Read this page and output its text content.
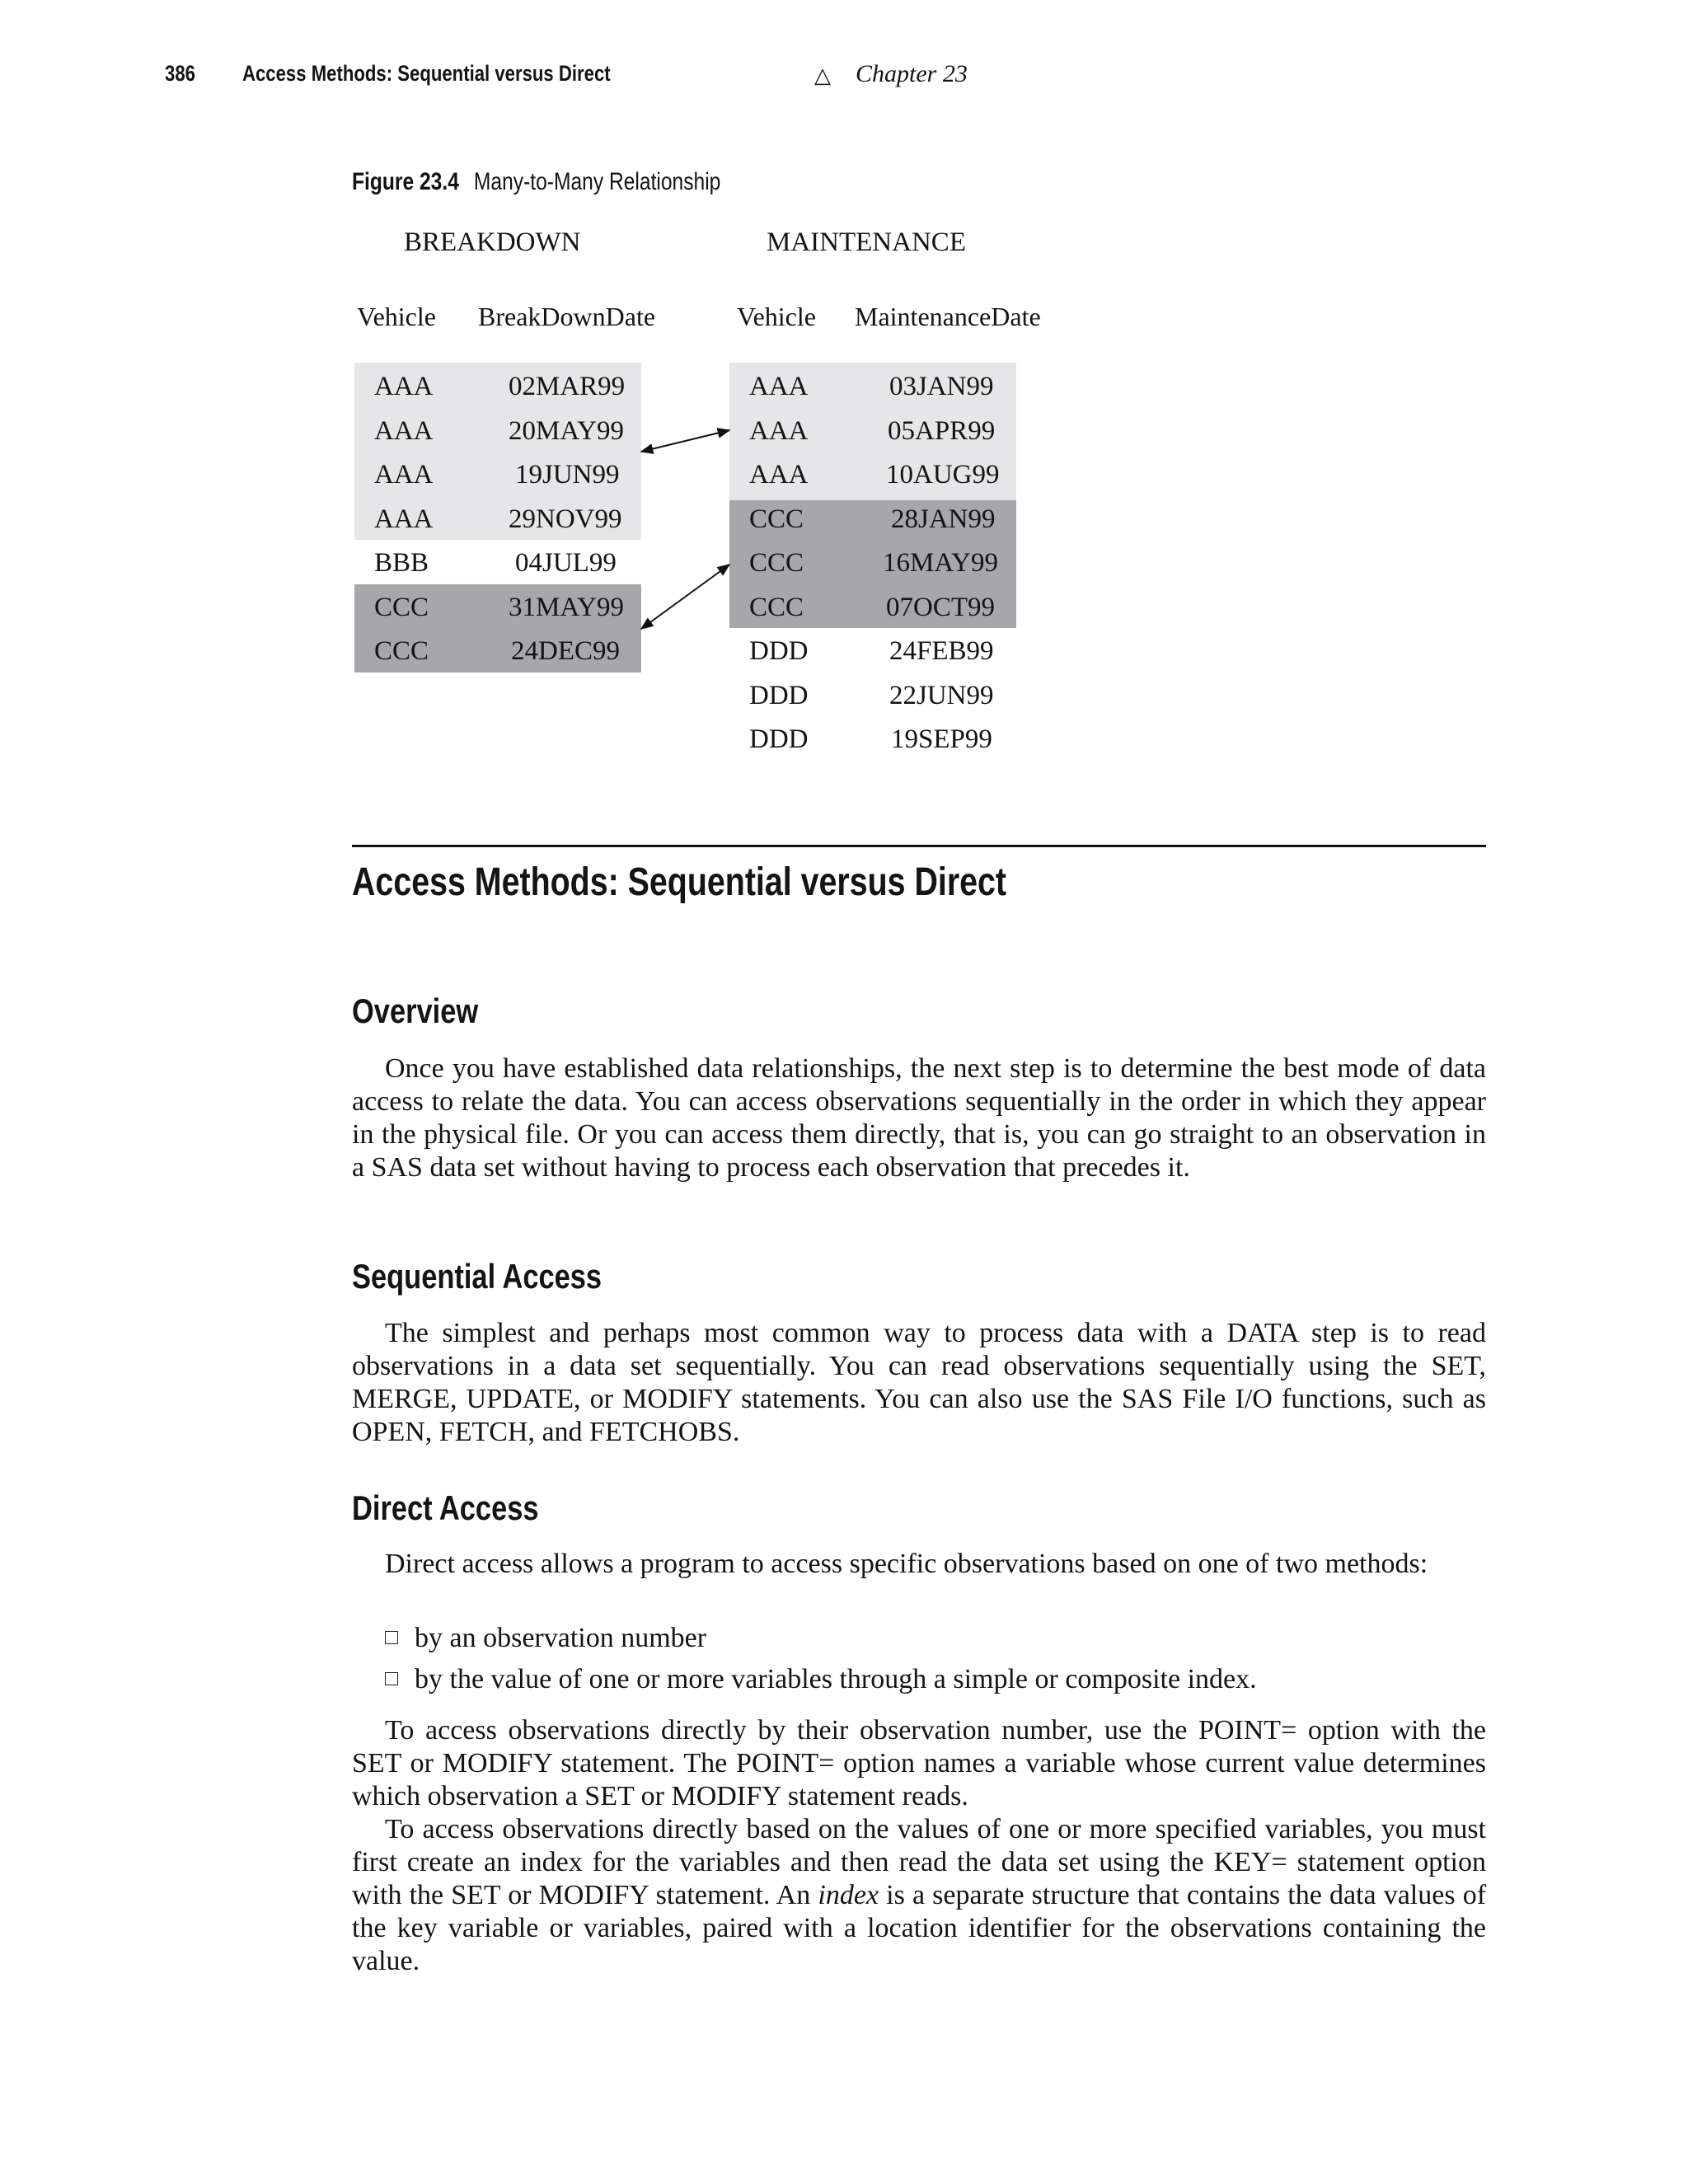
386 Access Methods: Sequential versus Direct	△ Chapter 23
Figure 23.4 Many-to-Many Relationship
BREAKDOWN	MAINTENANCE
Vehicle BreakDownDate	Vehicle MaintenanceDate
AAA	02MAR99
AAA	20MAY99
AAA	19JUN99
AAA	29NOV99
BBB	04JUL99
CCC	31MAY99
CCC	24DEC99
AAA	03JAN99
AAA	05APR99
AAA	10AUG99
CCC	28JAN99
CCC	16MAY99
CCC	07OCT99
DDD	24FEB99
DDD	22JUN99
DDD	19SEP99
Access Methods: Sequential versus Direct
Overview

Once you have established data relationships, the next step is to determine the best mode of data access to relate the data. You can access observations sequentially in the order in which they appear in the physical file. Or you can access them directly, that is, you can go straight to an observation in a SAS data set without having to process each observation that precedes it.

Sequential Access

The simplest and perhaps most common way to process data with a DATA step is to read observations in a data set sequentially. You can read observations sequentially using the SET, MERGE, UPDATE, or MODIFY statements. You can also use the SAS File I/O functions, such as OPEN, FETCH, and FETCHOBS.

Direct Access

Direct access allows a program to access specific observations based on one of two methods:

by an observation number
by the value of one or more variables through a simple or composite index.

To access observations directly by their observation number, use the POINT= option with the SET or MODIFY statement. The POINT= option names a variable whose current value determines which observation a SET or MODIFY statement reads.

To access observations directly based on the values of one or more specified variables, you must first create an index for the variables and then read the data set using the KEY= statement option with the SET or MODIFY statement. An index is a separate structure that contains the data values of the key variable or variables, paired with a location identifier for the observations containing the value.
